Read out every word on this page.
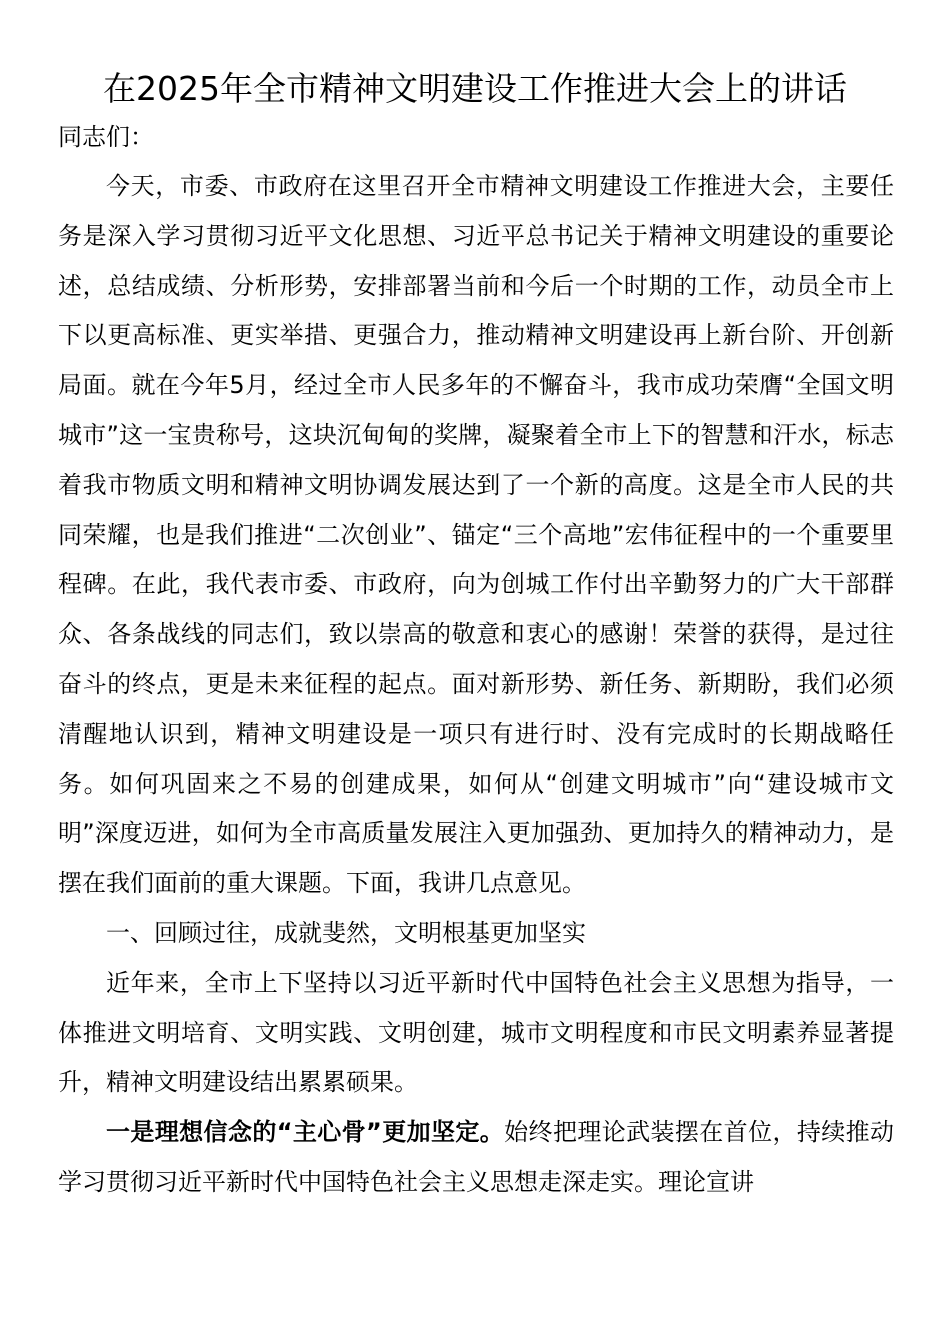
在2025年全市精神文明建设工作推进大会上的讲话

同志们：

今天，市委、市政府在这里召开全市精神文明建设工作推进大会，主要任务是深入学习贯彻习近平文化思想、习近平总书记关于精神文明建设的重要论述，总结成绩、分析形势，安排部署当前和今后一个时期的工作，动员全市上下以更高标准、更实举措、更强合力，推动精神文明建设再上新台阶、开创新局面。就在今年5月，经过全市人民多年的不懈奋斗，我市成功荣膺“全国文明城市”这一宝贵称号，这块沉甸甸的奖牌，凝聚着全市上下的智慧和汗水，标志着我市物质文明和精神文明协调发展达到了一个新的高度。这是全市人民的共同荣耀，也是我们推进“二次创业”、锚定“三个高地”宏伟征程中的一个重要里程碑。在此，我代表市委、市政府，向为创城工作付出辛勤努力的广大干部群众、各条战线的同志们，致以崇高的敬意和衷心的感谢！荣誉的获得，是过往奋斗的终点，更是未来征程的起点。面对新形势、新任务、新期盼，我们必须清醒地认识到，精神文明建设是一项只有进行时、没有完成时的长期战略任务。如何巩固来之不易的创建成果，如何从“创建文明城市”向“建设城市文明”深度迈进，如何为全市高质量发展注入更加强劲、更加持久的精神动力，是摆在我们面前的重大课题。下面，我讲几点意见。

一、回顾过往，成就斐然，文明根基更加坚实

近年来，全市上下坚持以习近平新时代中国特色社会主义思想为指导，一体推进文明培育、文明实践、文明创建，城市文明程度和市民文明素养显著提升，精神文明建设结出累累硕果。

一是理想信念的“主心骨”更加坚定。始终把理论武装摆在首位，持续推动学习贯彻习近平新时代中国特色社会主义思想走深走实。理论宣讲
